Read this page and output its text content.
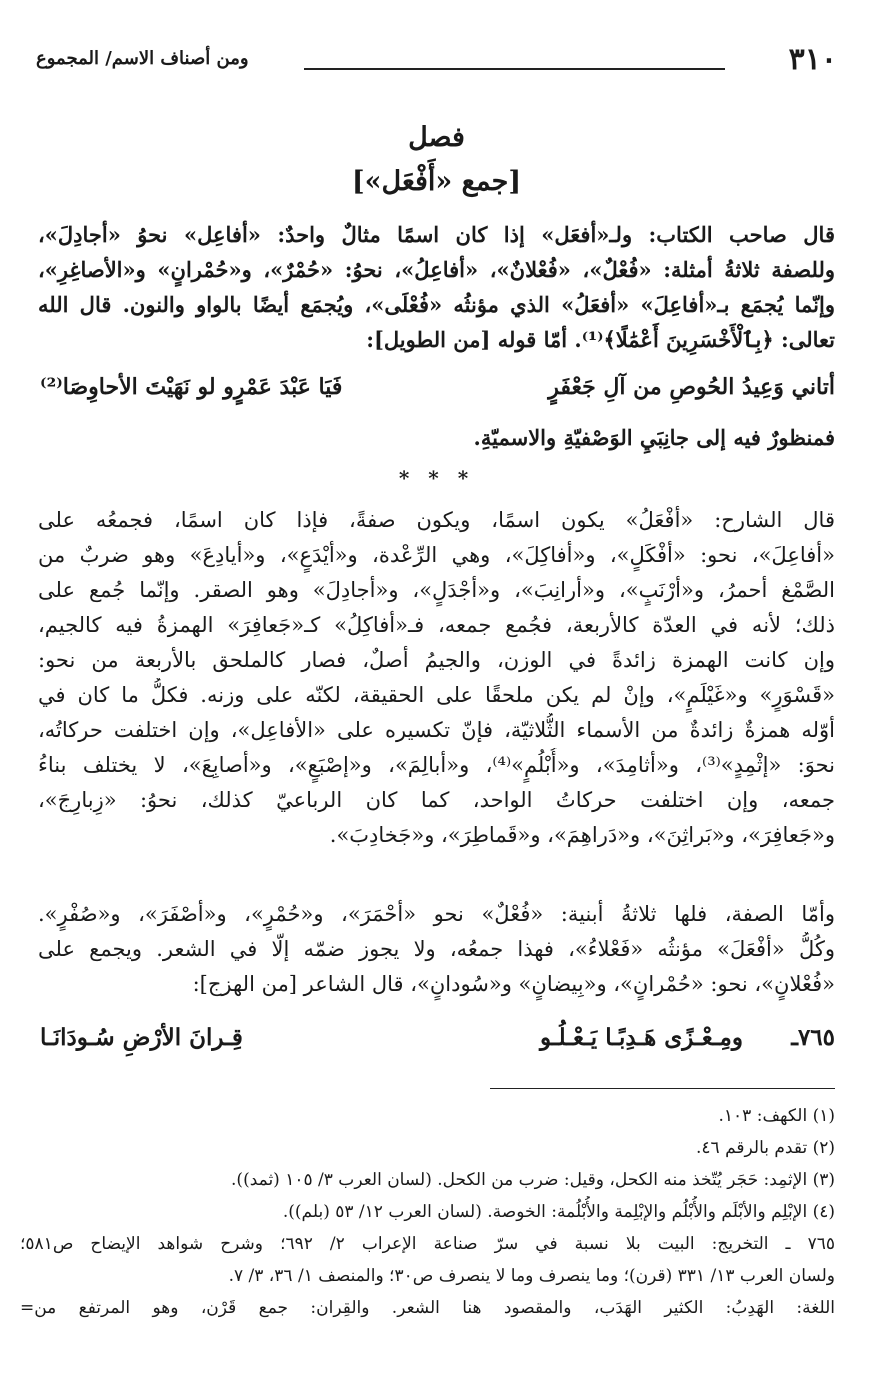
٣١٠
ومن أصناف الاسم/ المجموع
فصل
[جمع «أَفْعَل»]
قال صاحب الكتاب: ولـ«أفعَل» إذا كان اسمًا مثالٌ واحدٌ: «أفاعِل» نحوُ «أجادِلَ»،
وللصفة ثلاثةُ أمثلة: «فُعْلٌ»، «فُعْلانٌ»، «أفاعِلُ»، نحوُ: «حُمْرٌ»، و«حُمْرانٍ» و«الأصاغِرِ»،
وإنّما يُجمَع بـ«أفاعِلَ» «أفعَلُ» الذي مؤنثُه «فُعْلَى»، ويُجمَع أيضًا بالواو والنون. قال الله
تعالى: ﴿بِٱلْأَخْسَرِينَ أَعْمَٰلًا﴾⁽¹⁾. أمّا قوله [من الطويل]:
أتاني وَعِيدُ الحُوصِ من آلِ جَعْفَرٍ
فَيَا عَبْدَ عَمْرٍو لو نَهَيْتَ الأحاوِصَا⁽²⁾
فمنظورٌ فيه إلى جانِبَيِ الوَصْفيّةِ والاسميّةِ.
* * *
قال الشارح: «أفْعَلُ» يكون اسمًا، ويكون صفةً، فإذا كان اسمًا، فجمعُه على
«أفاعِلَ»، نحو: «أفْكَلٍ»، و«أفاكِلَ»، وهي الرِّعْدة، و«أيْدَعٍ»، و«أيادِعَ» وهو ضربٌ من
الصَّمْغ أحمرُ، و«أرْنَبٍ»، و«أرانِبَ»، و«أجْدَلٍ»، و«أجادِلَ» وهو الصقر. وإنّما جُمع على
ذلك؛ لأنه في العدّة كالأربعة، فجُمع جمعه، فـ«أفاكِلُ» كـ«جَعافِرَ» الهمزةُ فيه كالجيم،
وإن كانت الهمزة زائدةً في الوزن، والجيمُ أصلٌ، فصار كالملحق بالأربعة من نحو:
«قَسْوَرٍ» و«غَيْلَمٍ»، وإنْ لم يكن ملحقًا على الحقيقة، لكنّه على وزنه. فكلُّ ما كان في
أوّله همزةٌ زائدةٌ من الأسماء الثُّلاثيّة، فإنّ تكسيره على «الأفاعِل»، وإن اختلفت حركاتُه،
نحوَ: «إثْمِدٍ»⁽³⁾، و«أثامِدَ»، و«أُبْلُمٍ»⁽⁴⁾، و«أبالِمَ»، و«إصْبَعٍ»، و«أصابِعَ»، لا يختلف بناءُ
جمعه، وإن اختلفت حركاتُ الواحد، كما كان الرباعيّ كذلك، نحوُ: «زِبارِجَ»،
و«جَعافِرَ»، و«بَراثِنَ»، و«دَراهِمَ»، و«قَماطِرَ»، و«جَخادِبَ».
وأمّا الصفة، فلها ثلاثةُ أبنية: «فُعْلٌ» نحو «أحْمَرَ»، و«حُمْرٍ»، و«أصْفَرَ»، و«صُفْرٍ».
وكُلُّ «أفْعَلَ» مؤنثُه «فَعْلاءُ»، فهذا جمعُه، ولا يجوز ضمّه إلّا في الشعر. ويجمع على
«فُعْلانٍ»، نحو: «حُمْرانٍ»، و«بِيضانٍ» و«سُودانٍ»، قال الشاعر [من الهزج]:
٧٦٥ـ
ومِـعْـزًى هَـدِبًـا يَـعْـلُـو
قِـرانَ الأرْضِ سُـودَانَـا
(١) الكهف: ١٠٣.
(٢) تقدم بالرقم ٤٦.
(٣) الإثمِد: حَجَر يُتّخذ منه الكحل، وقيل: ضرب من الكحل. (لسان العرب ٣/ ١٠٥ (ثمد)).
(٤) الإبْلِم والأبْلَم والأُبْلُم والإبْلِمة والأُبْلُمة: الخوصة. (لسان العرب ١٢/ ٥٣ (بلم)).
٧٦٥ ـ التخريج: البيت بلا نسبة في سرّ صناعة الإعراب ٢/ ٦٩٢؛ وشرح شواهد الإيضاح ص٥٨١؛
ولسان العرب ١٣/ ٣٣١ (قرن)؛ وما ينصرف وما لا ينصرف ص٣٠؛ والمنصف ١/ ٣٦، ٣/ ٧.
اللغة: الهَدِبُ: الكثير الهَدَب، والمقصود هنا الشعر. والقِران: جمع قَرْن، وهو المرتفع من=
